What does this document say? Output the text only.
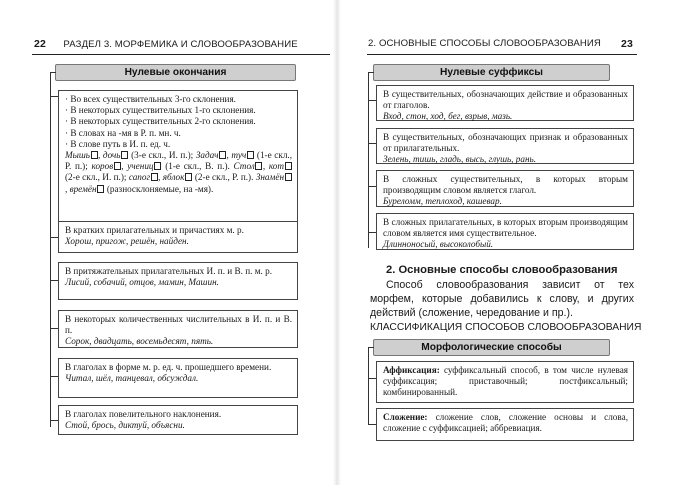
22 РАЗДЕЛ 3. МОРФЕМИКА И СЛОВООБРАЗОВАНИЕ
Нулевые окончания
· Во всех существительных 3-го склонения.
· В некоторых существительных 1-го склонения.
· В некоторых существительных 2-го склонения.
· В словах на -мя в Р. п. мн. ч.
· В слове путь в И. п. ед. ч.
Мышь , дочь (3-е скл., И. п.); Задач , туч (1-е скл., Р. п.); коров , учениц (1-е скл., В. п.). Стол , кот (2-е скл., И. п.); сапог , яблок (2-е скл., Р. п.). Знамён, времён (разносклоняемые, на -мя).
В кратких прилагательных и причастиях м. р.
Хорош, пригож, решён, найден.
В притяжательных прилагательных И. п. и В. п. м. р.
Лисий, собачий, отцов, мамин, Машин.
В некоторых количественных числительных в И. п. и В. п.
Сорок, двадцать, восемьдесят, пять.
В глаголах в форме м. р. ед. ч. прошедшего времени.
Читал, шёл, танцевал, обсуждал.
В глаголах повелительного наклонения.
Стой, брось, диктуй, объясни.
2. ОСНОВНЫЕ СПОСОБЫ СЛОВООБРАЗОВАНИЯ 23
Нулевые суффиксы
В существительных, обозначающих действие и образованных от глаголов.
Вход, стон, ход, бег, взрыв, мазь.
В существительных, обозначающих признак и образованных от прилагательных.
Зелень, тишь, гладь, высь, глушь, рань.
В сложных существительных, в которых вторым производящим словом является глагол.
Буреломм, теплоход, кашевар.
В сложных прилагательных, в которых вторым производящим словом является имя существительное.
Длинноносый, высоколобый.
2. Основные способы словообразования
Способ словообразования зависит от тех морфем, которые добавились к слову, и других действий (сложение, чередование и пр.).
КЛАССИФИКАЦИЯ СПОСОБОВ СЛОВООБРАЗОВАНИЯ
Морфологические способы
Аффиксация: суффиксальный способ, в том числе нулевая суффиксация; приставочный; постфиксальный; комбинированный.
Сложение: сложение слов, сложение основы и слова, сложение с суффиксацией; аббревиация.
